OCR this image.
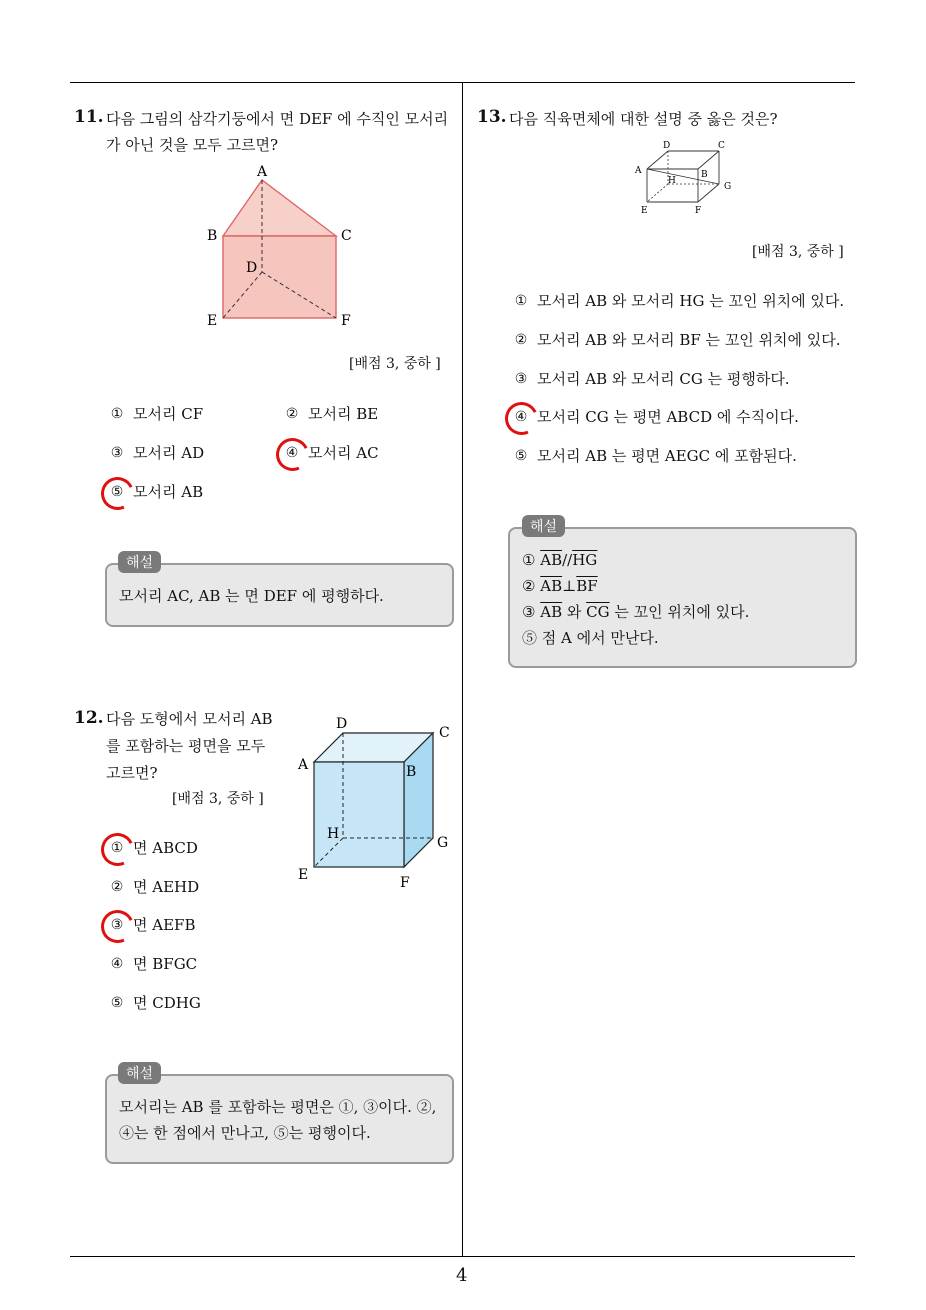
4
11. 다음 그림의 삼각기둥에서 면 DEF 에 수직인 모서리
가 아닌 것을 모두 고르면?
A
B	C
D
E	F
[배점 3, 중하 ]
① 모서리 CF	② 모서리 BE
③ 모서리 AD	④ 모서리 AC
⑤ 모서리 AB
모서리 AC, AB 는 면 DEF 에 평행하다.
해설
12. 다음 도형에서 모서리 AB
를 포함하는 평면을 모두
고르면?
[배점 3, 중하 ]
D
C
A	B
H
G
E	F
① 면 ABCD
② 면 AEHD
③ 면 AEFB
④ 면 BFGC
⑤ 면 CDHG
모서리는 AB 를 포함하는 평면은 ①, ③이다. ②,
④는 한 점에서 만나고, ⑤는 평행이다.
해설
13. 다음 직육면체에 대한 설명 중 옳은 것은?
D	C
A
H
B
G
E	F
[배점 3, 중하 ]
① 모서리 AB 와 모서리 HG 는 꼬인 위치에 있다.
② 모서리 AB 와 모서리 BF 는 꼬인 위치에 있다.
③ 모서리 AB 와 모서리 CG 는 평행하다.
④ 모서리 CG 는 평면 ABCD 에 수직이다.
⑤ 모서리 AB 는 평면 AEGC 에 포함된다.
① $\overline{AB}//\overline{HG}$
② $\overline{AB}\perp\overline{BF}$
③ $\overline{AB}$ 와 $\overline{CG}$ 는 꼬인 위치에 있다.
⑤ 점 A 에서 만난다.
해설
